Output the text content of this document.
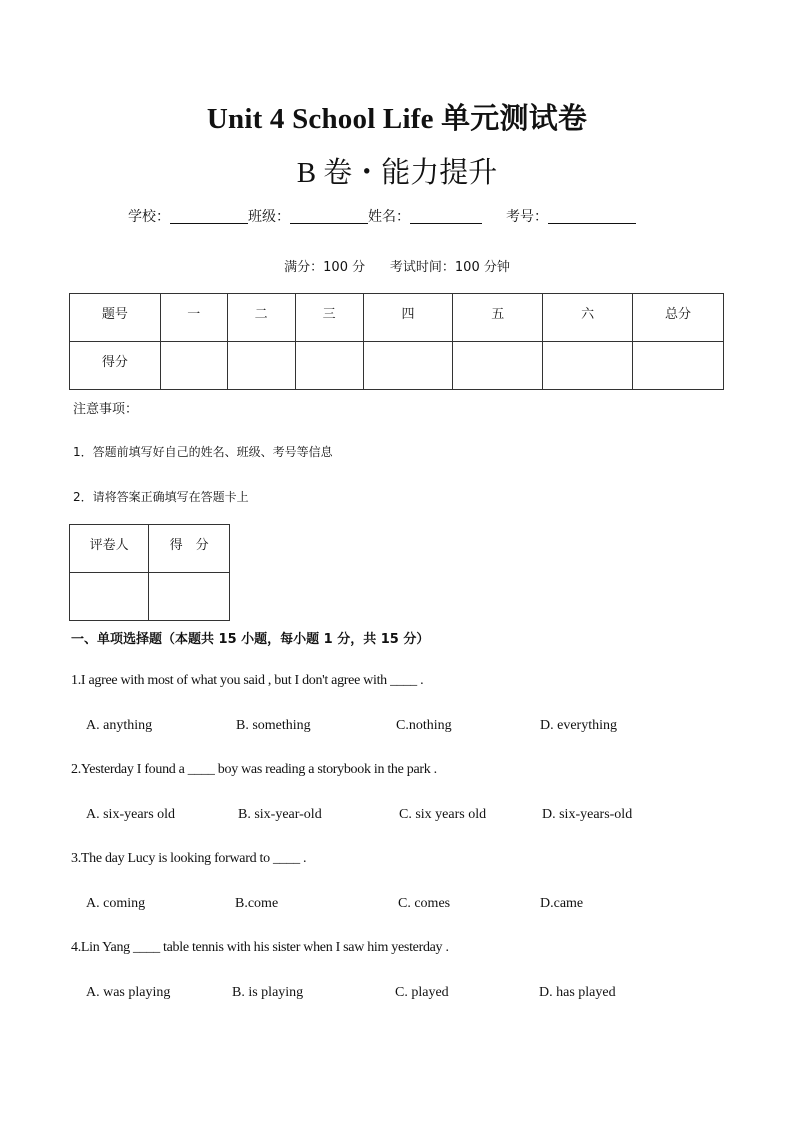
Unit 4 School Life 单元测试卷
B 卷・能力提升
学校：	班级：	姓名：	考号：
满分：100 分      考试时间：100 分钟
题号	一	二	三	四	五	六	总分
得分							
注意事项：
1．答题前填写好自己的姓名、班级、考号等信息
2．请将答案正确填写在答题卡上
评卷人	得　分

一、单项选择题（本题共 15 小题，每小题 1 分，共 15 分）
1.I agree with most of what you said , but I don't agree with ____ .
A. anything	B. something	C.nothing	D. everything
2.Yesterday I found a ____ boy was reading a storybook in the park .
A. six-years old	B. six-year-old	C. six years old	D. six-years-old
3.The day Lucy is looking forward to ____ .
A. coming	B.come	C. comes	D.came
4.Lin Yang ____ table tennis with his sister when I saw him yesterday .
A. was playing	B. is playing	C. played	D. has played
